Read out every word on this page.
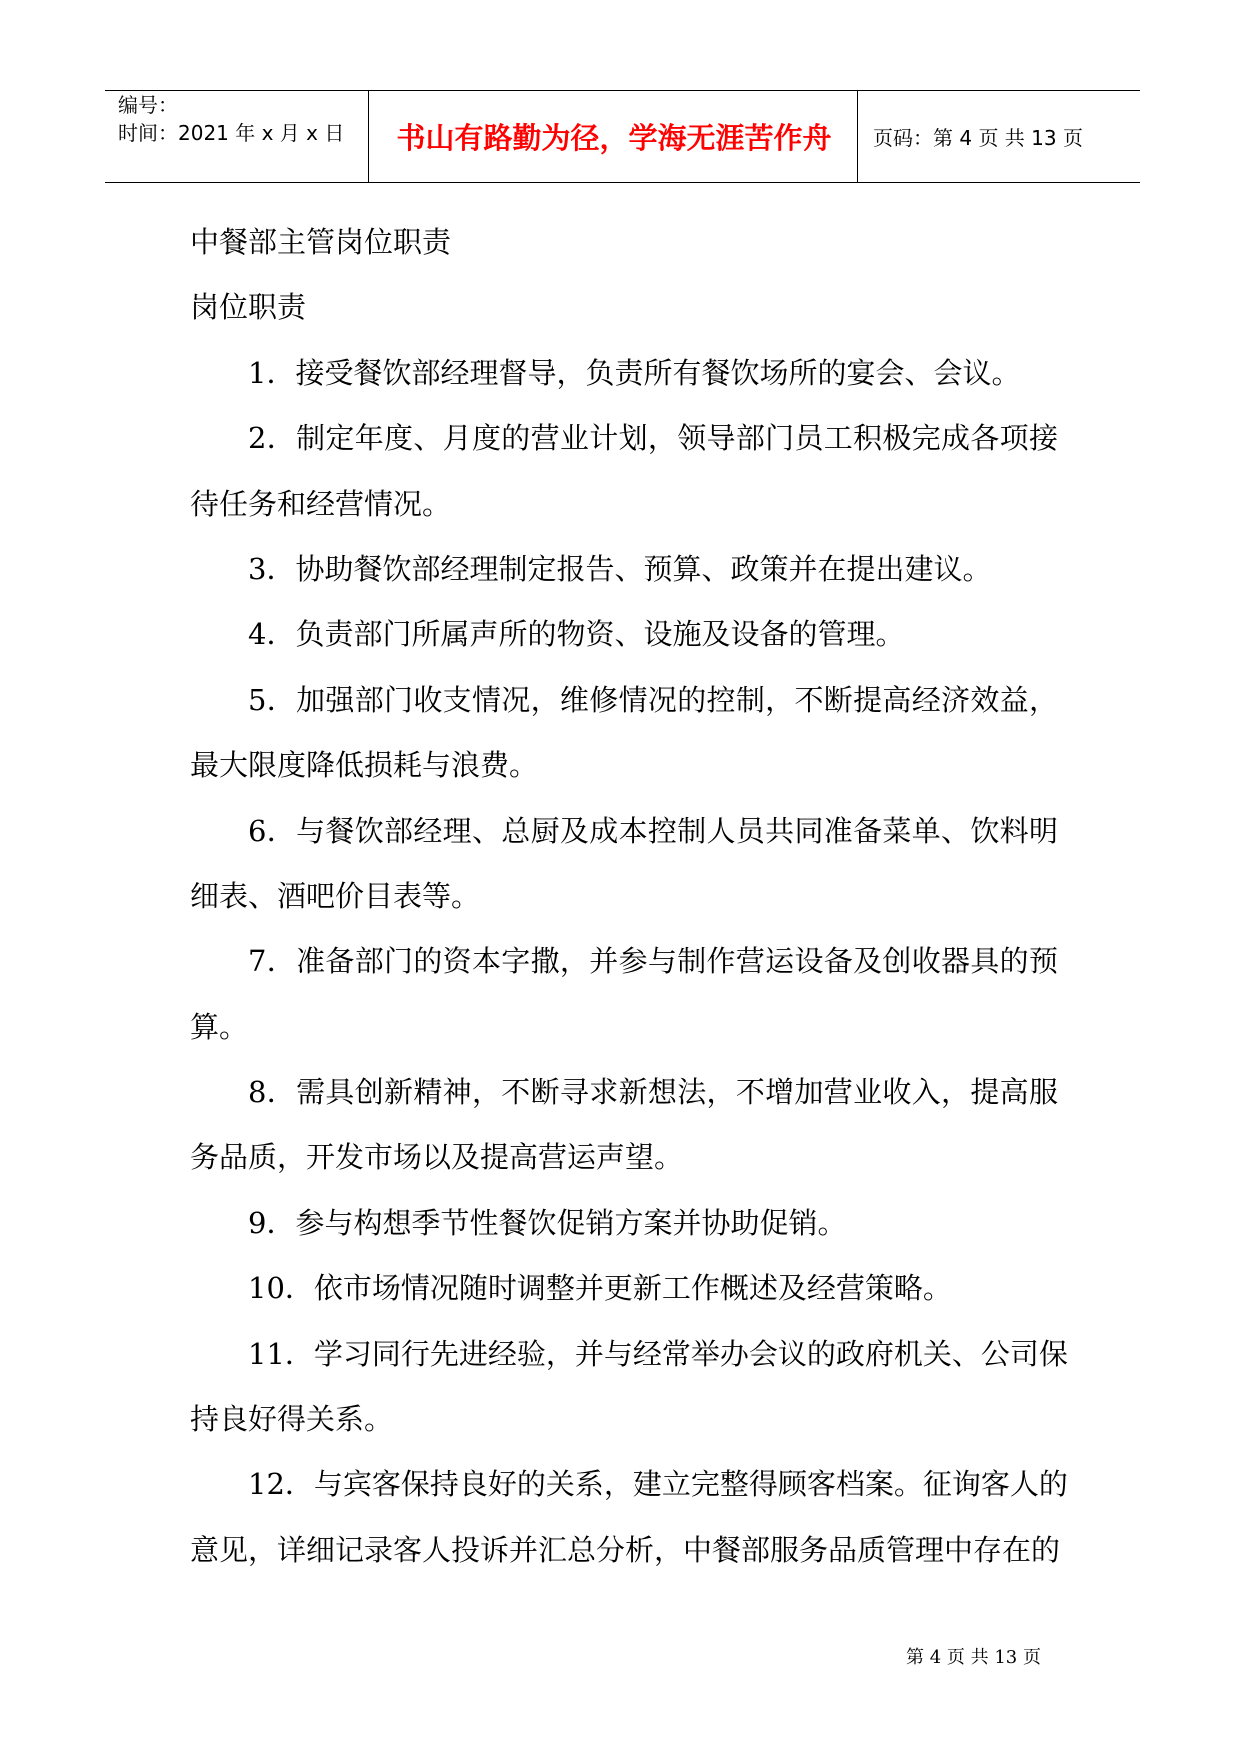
编号：
时间：2021 年 x 月 x 日	书山有路勤为径，学海无涯苦作舟	页码：第 4 页 共 13 页
中餐部主管岗位职责
岗位职责
1．接受餐饮部经理督导，负责所有餐饮场所的宴会、会议。
2．制定年度、月度的营业计划，领导部门员工积极完成各项接
待任务和经营情况。
3．协助餐饮部经理制定报告、预算、政策并在提出建议。
4．负责部门所属声所的物资、设施及设备的管理。
5．加强部门收支情况，维修情况的控制，不断提高经济效益，
最大限度降低损耗与浪费。
6．与餐饮部经理、总厨及成本控制人员共同准备菜单、饮料明
细表、酒吧价目表等。
7．准备部门的资本字撒，并参与制作营运设备及创收器具的预
算。
8．需具创新精神，不断寻求新想法，不增加营业收入，提高服
务品质，开发市场以及提高营运声望。
9．参与构想季节性餐饮促销方案并协助促销。
10．依市场情况随时调整并更新工作概述及经营策略。
11．学习同行先进经验，并与经常举办会议的政府机关、公司保
持良好得关系。
12．与宾客保持良好的关系，建立完整得顾客档案。征询客人的
意见，详细记录客人投诉并汇总分析，中餐部服务品质管理中存在的
第 4 页 共 13 页
